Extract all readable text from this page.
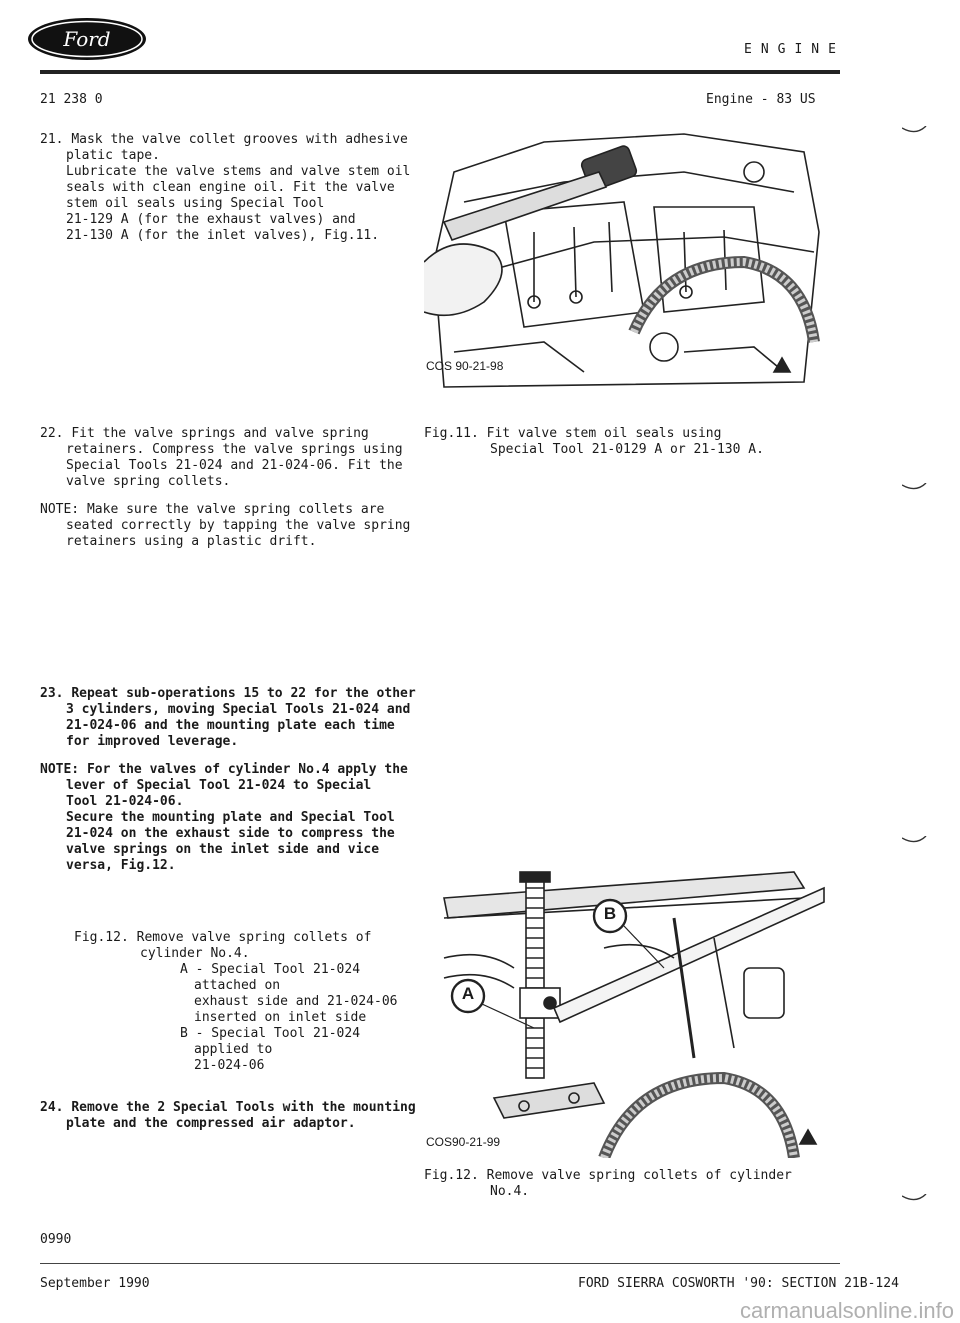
Ford	ENGINE
21 238 0	Engine - 83 US

21. Mask the valve collet grooves with adhesive

platic tape.

Lubricate the valve stems and valve stem oil

seals with clean engine oil. Fit the valve

stem oil seals using Special Tool

21-129 A (for the exhaust valves) and

21-130 A (for the inlet valves), Fig.11.

22. Fit the valve springs and valve spring

retainers. Compress the valve springs using

Special Tools 21-024 and 21-024-06. Fit the

valve spring collets.

NOTE: Make sure the valve spring collets are

seated correctly by tapping the valve spring

retainers using a plastic drift.

23. Repeat sub-operations 15 to 22 for the other

3 cylinders, moving Special Tools 21-024 and

21-024-06 and the mounting plate each time

for improved leverage.

NOTE: For the valves of cylinder No.4 apply the

lever of Special Tool 21-024 to Special

Tool 21-024-06.

Secure the mounting plate and Special Tool

21-024 on the exhaust side to compress the

valve springs on the inlet side and vice

versa, Fig.12.

Fig.12. Remove valve spring collets of

cylinder No.4.

A - Special Tool 21-024 attached on

exhaust side and 21-024-06

inserted on inlet side

B - Special Tool 21-024 applied to

21-024-06

24. Remove the 2 Special Tools with the mounting

plate and the compressed air adaptor.

COS 90-21-98

Fig.11. Fit valve stem oil seals using

Special Tool 21-0129 A or 21-130 A.

B
A
COS90-21-99

Fig.12. Remove valve spring collets of cylinder

No.4.

0990
September 1990	FORD SIERRA COSWORTH '90: SECTION 21B-124
carmanualsonline.info
